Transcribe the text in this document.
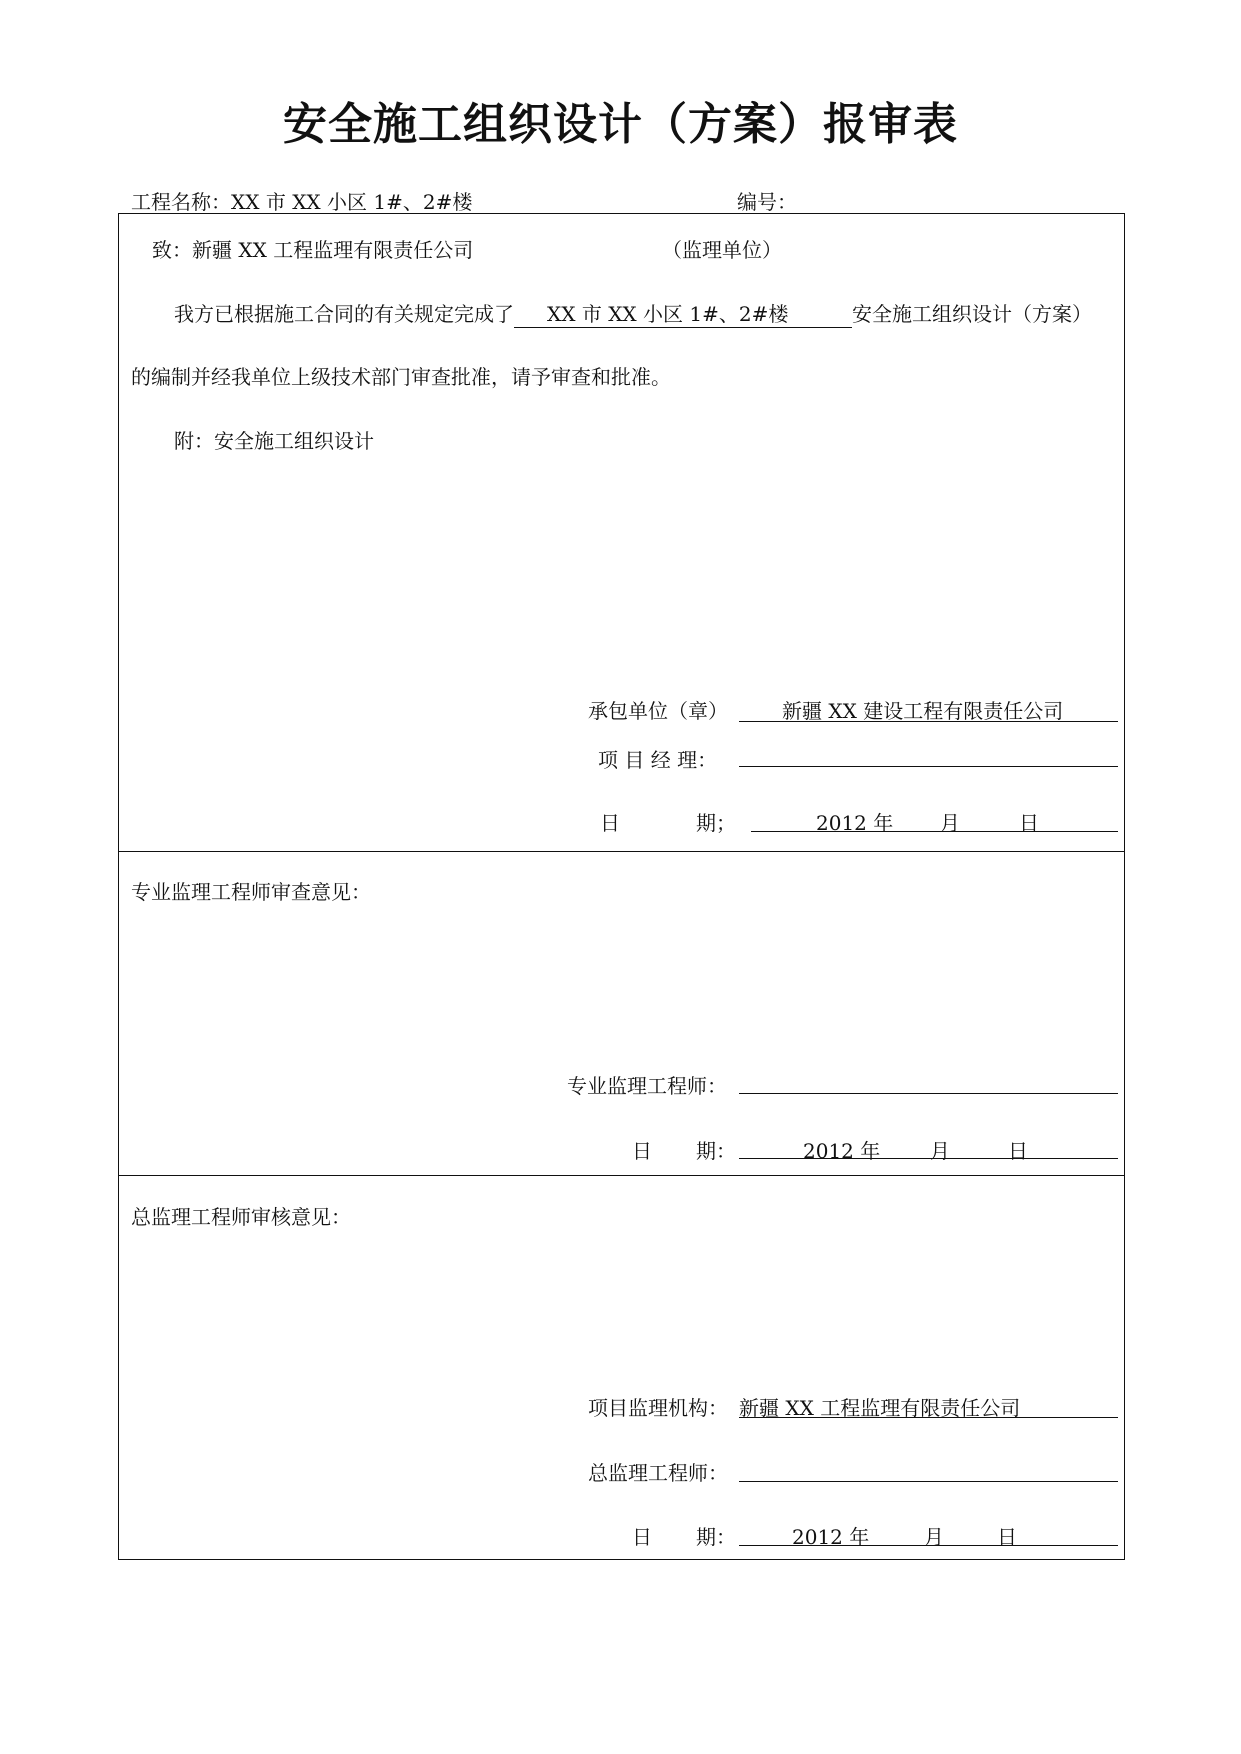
安全施工组织设计（方案）报审表
工程名称：XX 市 XX 小区 1#、2#楼	编号：
致：新疆 XX 工程监理有限责任公司	（监理单位）
我方已根据施工合同的有关规定完成了 XX 市 XX 小区 1#、2#楼	安全施工组织设计（方案）
的编制并经我单位上级技术部门审查批准，请予审查和批准。
附：安全施工组织设计
承包单位（章）	新疆 XX 建设工程有限责任公司
项 目 经 理：
日	期；	2012 年 月	日
专业监理工程师审查意见：
专业监理工程师：
日 期：	2012 年 月	日
总监理工程师审核意见：
项目监理机构： 新疆 XX 工程监理有限责任公司
总监理工程师：
日 期：	2012 年	月	日
